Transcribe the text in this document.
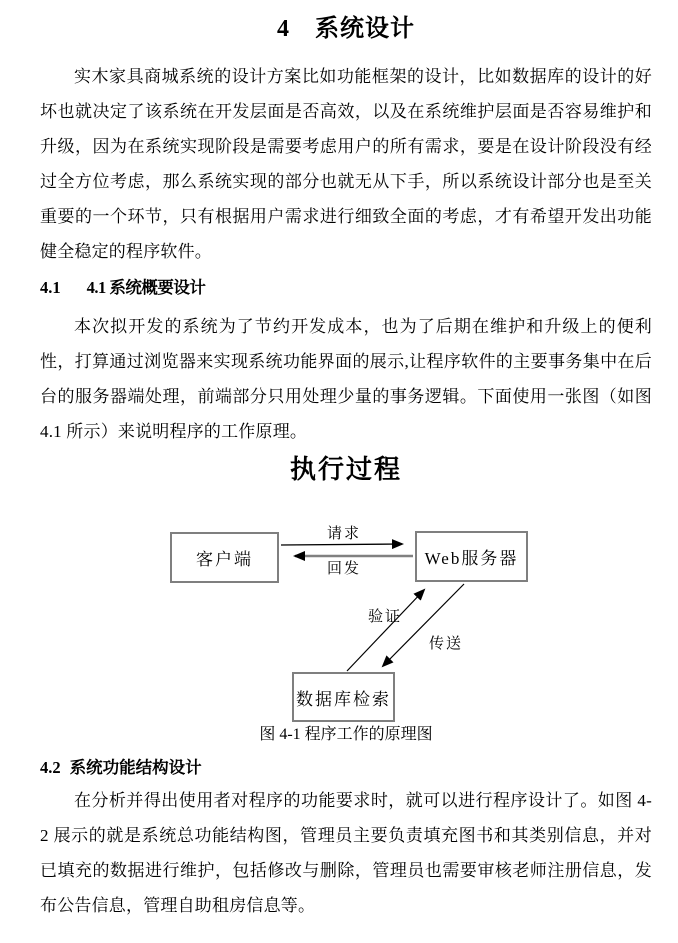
4　系统设计

实木家具商城系统的设计方案比如功能框架的设计，比如数据库的设计的好坏也就决定了该系统在开发层面是否高效，以及在系统维护层面是否容易维护和升级，因为在系统实现阶段是需要考虑用户的所有需求，要是在设计阶段没有经过全方位考虑，那么系统实现的部分也就无从下手，所以系统设计部分也是至关重要的一个环节，只有根据用户需求进行细致全面的考虑，才有希望开发出功能健全稳定的程序软件。

4.1 4.1 系统概要设计

本次拟开发的系统为了节约开发成本，也为了后期在维护和升级上的便利性，打算通过浏览器来实现系统功能界面的展示,让程序软件的主要事务集中在后台的服务器端处理，前端部分只用处理少量的事务逻辑。下面使用一张图（如图 4.1 所示）来说明程序的工作原理。

执行过程
客户端	Web服务器
数据库检索
请求
回发
验证
传送
图 4-1 程序工作的原理图
4.2 系统功能结构设计

在分析并得出使用者对程序的功能要求时，就可以进行程序设计了。如图 4-2 展示的就是系统总功能结构图，管理员主要负责填充图书和其类别信息，并对已填充的数据进行维护，包括修改与删除，管理员也需要审核老师注册信息，发布公告信息，管理自助租房信息等。
